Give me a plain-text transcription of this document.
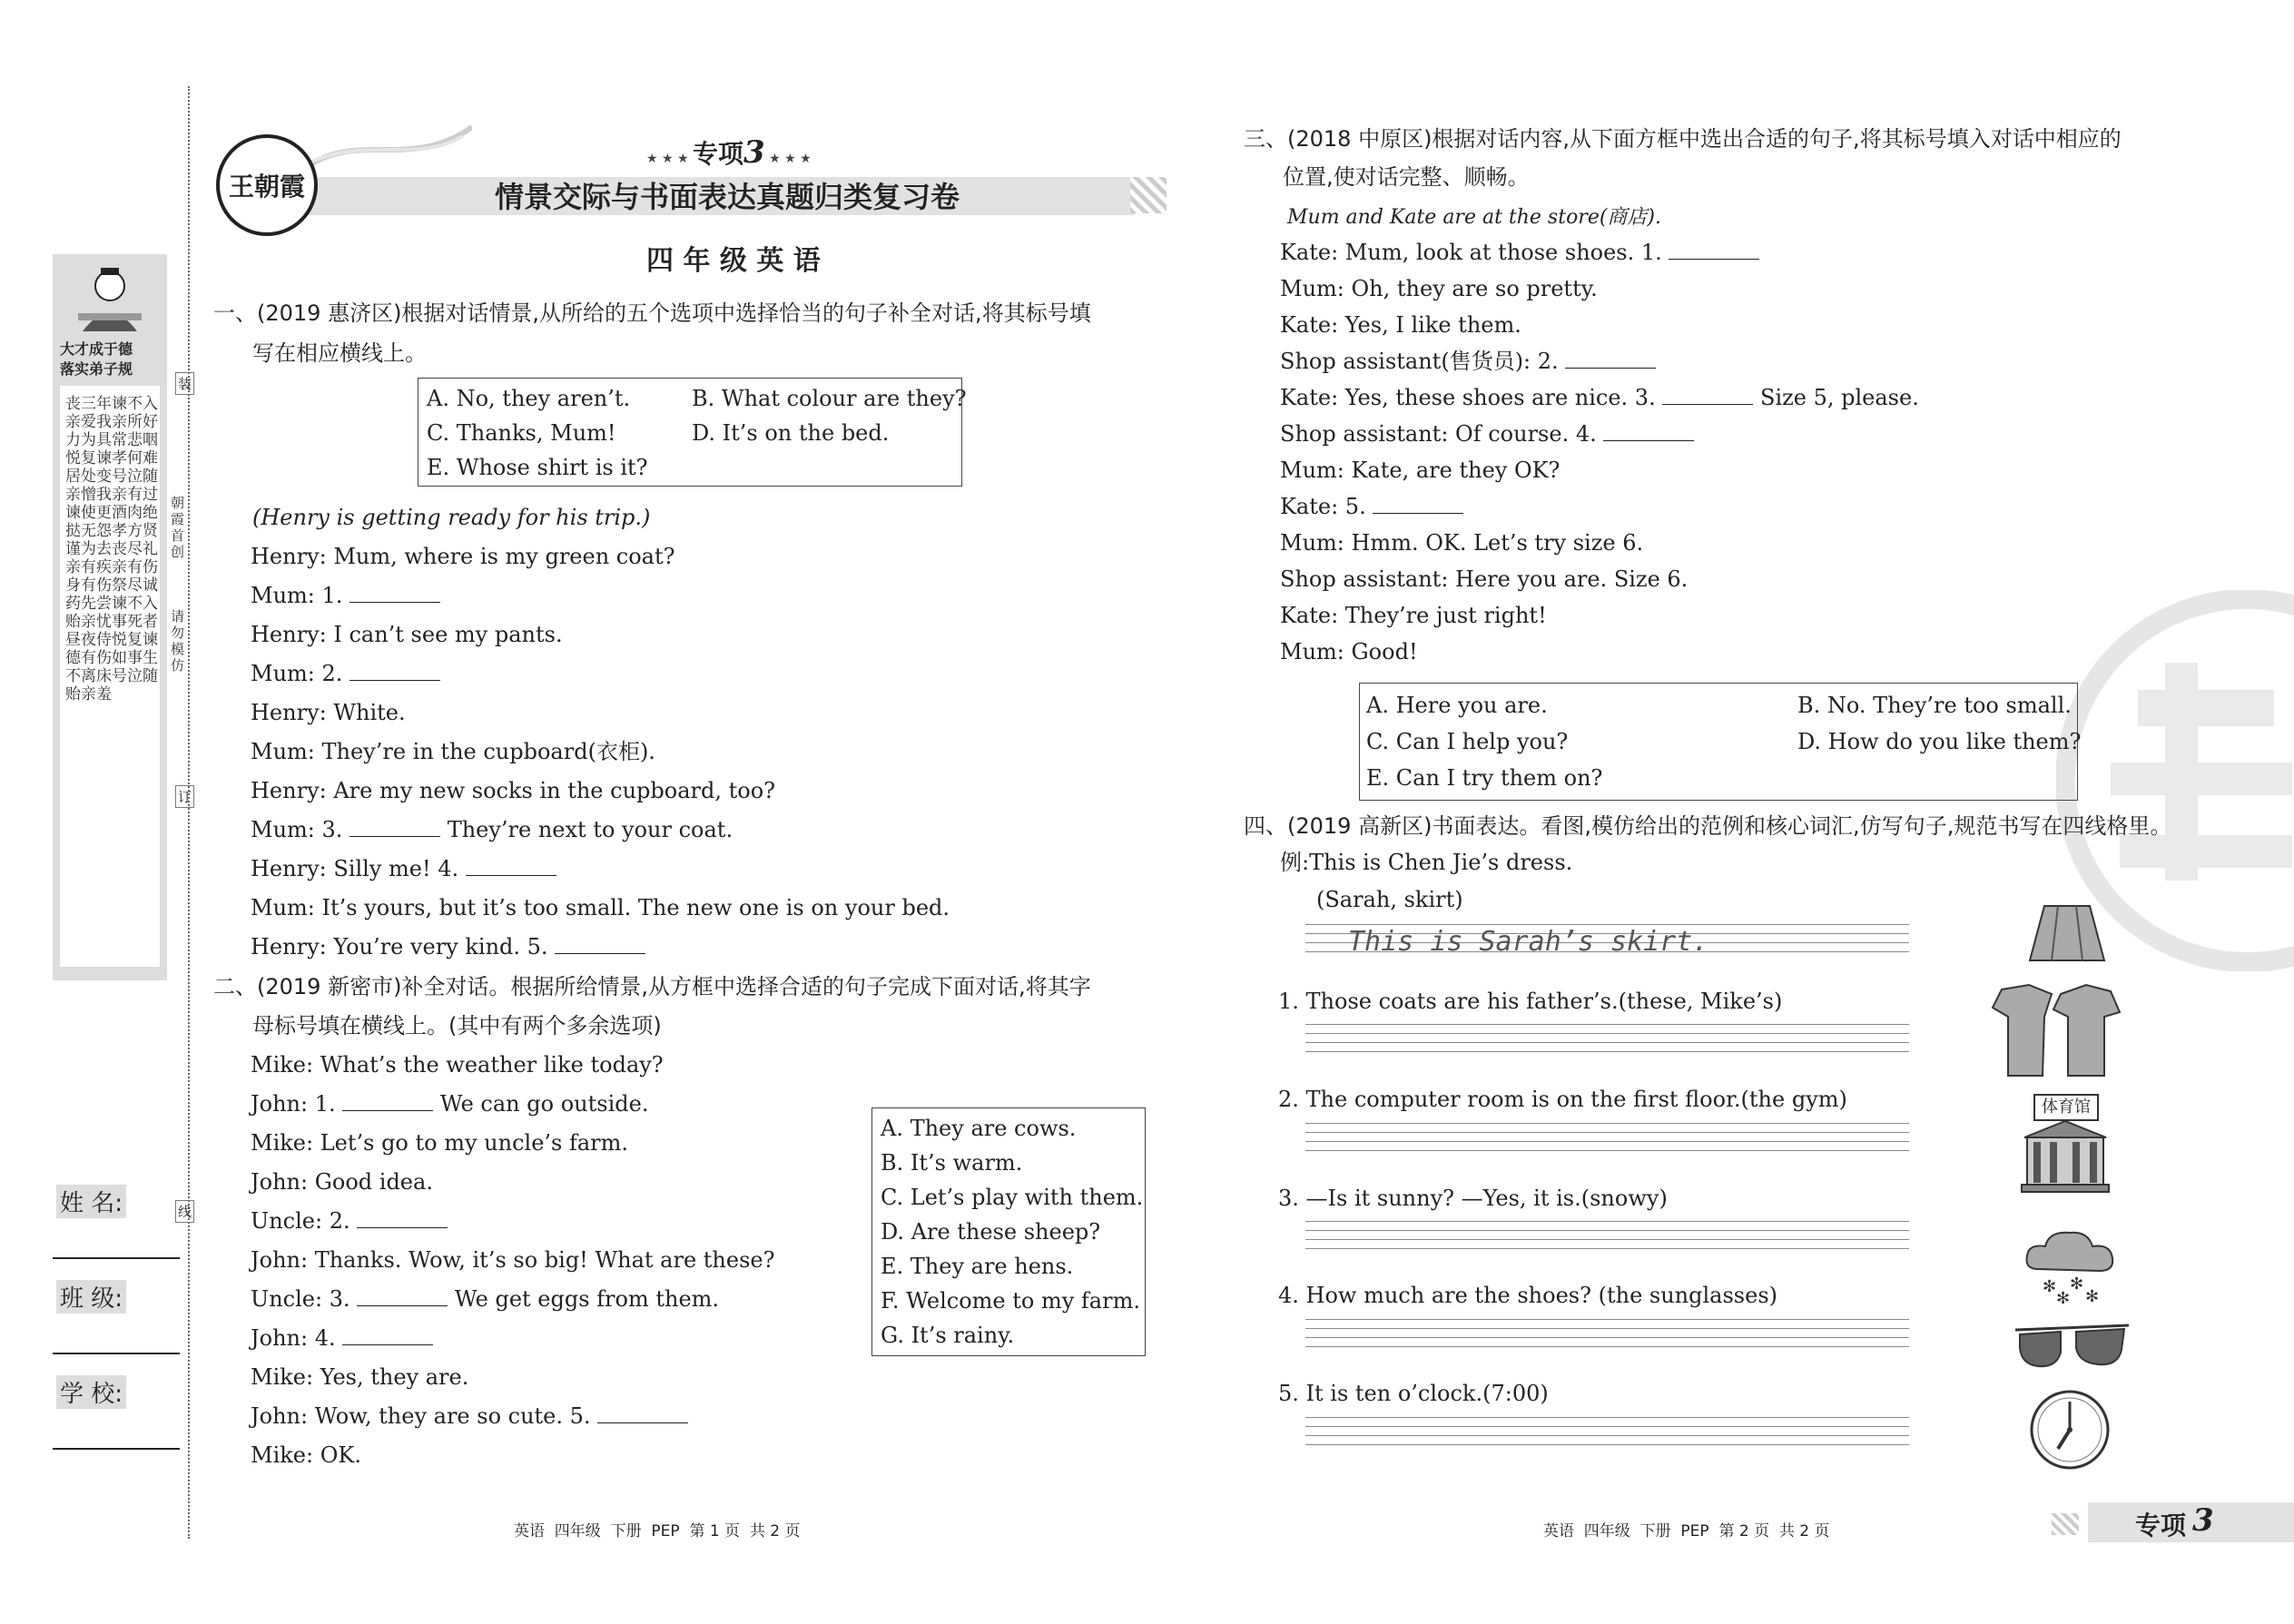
大才成于德
落实弟子规
丧三年谏不入亲爱我亲所好力为具常悲咽悦复谏孝何难居处变号泣随亲憎我亲有过谏使更酒肉绝挞无怨孝方贤谨为去丧尽礼亲有疾亲有伤身有伤祭尽诚药先尝谏不入贻亲忧事死者昼夜侍悦复谏德有伤如事生不离床号泣随贻亲羞
朝霞首创
请勿模仿
装
订
线
姓 名:
班 级:
学 校:
王朝霞
★ ★ ★ 专项3 ★ ★ ★
情景交际与书面表达真题归类复习卷
四 年 级 英 语
一、(2019 惠济区)根据对话情景,从所给的五个选项中选择恰当的句子补全对话,将其标号填
写在相应横线上。
A. No, they aren’t.	B. What colour are they?
C. Thanks, Mum!	D. It’s on the bed.
E. Whose shirt is it?
(Henry is getting ready for his trip.)
Henry: Mum, where is my green coat?
Mum: 1.
Henry: I can’t see my pants.
Mum: 2.
Henry: White.
Mum: They’re in the cupboard(衣柜).
Henry: Are my new socks in the cupboard, too?
Mum: 3.	They’re next to your coat.
Henry: Silly me! 4.
Mum: It’s yours, but it’s too small. The new one is on your bed.
Henry: You’re very kind. 5.
二、(2019 新密市)补全对话。根据所给情景,从方框中选择合适的句子完成下面对话,将其字
母标号填在横线上。(其中有两个多余选项)
Mike: What’s the weather like today?
John: 1.	We can go outside.
Mike: Let’s go to my uncle’s farm.
John: Good idea.
Uncle: 2.
John: Thanks. Wow, it’s so big! What are these?
Uncle: 3.	We get eggs from them.
John: 4.
Mike: Yes, they are.
John: Wow, they are so cute. 5.
Mike: OK.
A. They are cows.
B. It’s warm.
C. Let’s play with them.
D. Are these sheep?
E. They are hens.
F. Welcome to my farm.
G. It’s rainy.
三、(2018 中原区)根据对话内容,从下面方框中选出合适的句子,将其标号填入对话中相应的
位置,使对话完整、顺畅。
Mum and Kate are at the store(商店).
Kate: Mum, look at those shoes. 1.
Mum: Oh, they are so pretty.
Kate: Yes, I like them.
Shop assistant(售货员): 2.
Kate: Yes, these shoes are nice. 3.	Size 5, please.
Shop assistant: Of course. 4.
Mum: Kate, are they OK?
Kate: 5.
Mum: Hmm. OK. Let’s try size 6.
Shop assistant: Here you are. Size 6.
Kate: They’re just right!
Mum: Good!
A. Here you are.	B. No. They’re too small.
C. Can I help you?	D. How do you like them?
E. Can I try them on?
四、(2019 高新区)书面表达。看图,模仿给出的范例和核心词汇,仿写句子,规范书写在四线格里。
例:This is Chen Jie’s dress.
(Sarah, skirt)
This is Sarah’s skirt.
1. Those coats are his father’s.(these, Mike’s)
2. The computer room is on the first floor.(the gym)
3. —Is it sunny? —Yes, it is.(snowy)
4. How much are the shoes? (the sunglasses)
5. It is ten o’clock.(7:00)
体育馆
✻ ✻
✻ ✻
英语  四年级  下册  PEP  第 1 页  共 2 页	英语  四年级  下册  PEP  第 2 页  共 2 页	专项 3
